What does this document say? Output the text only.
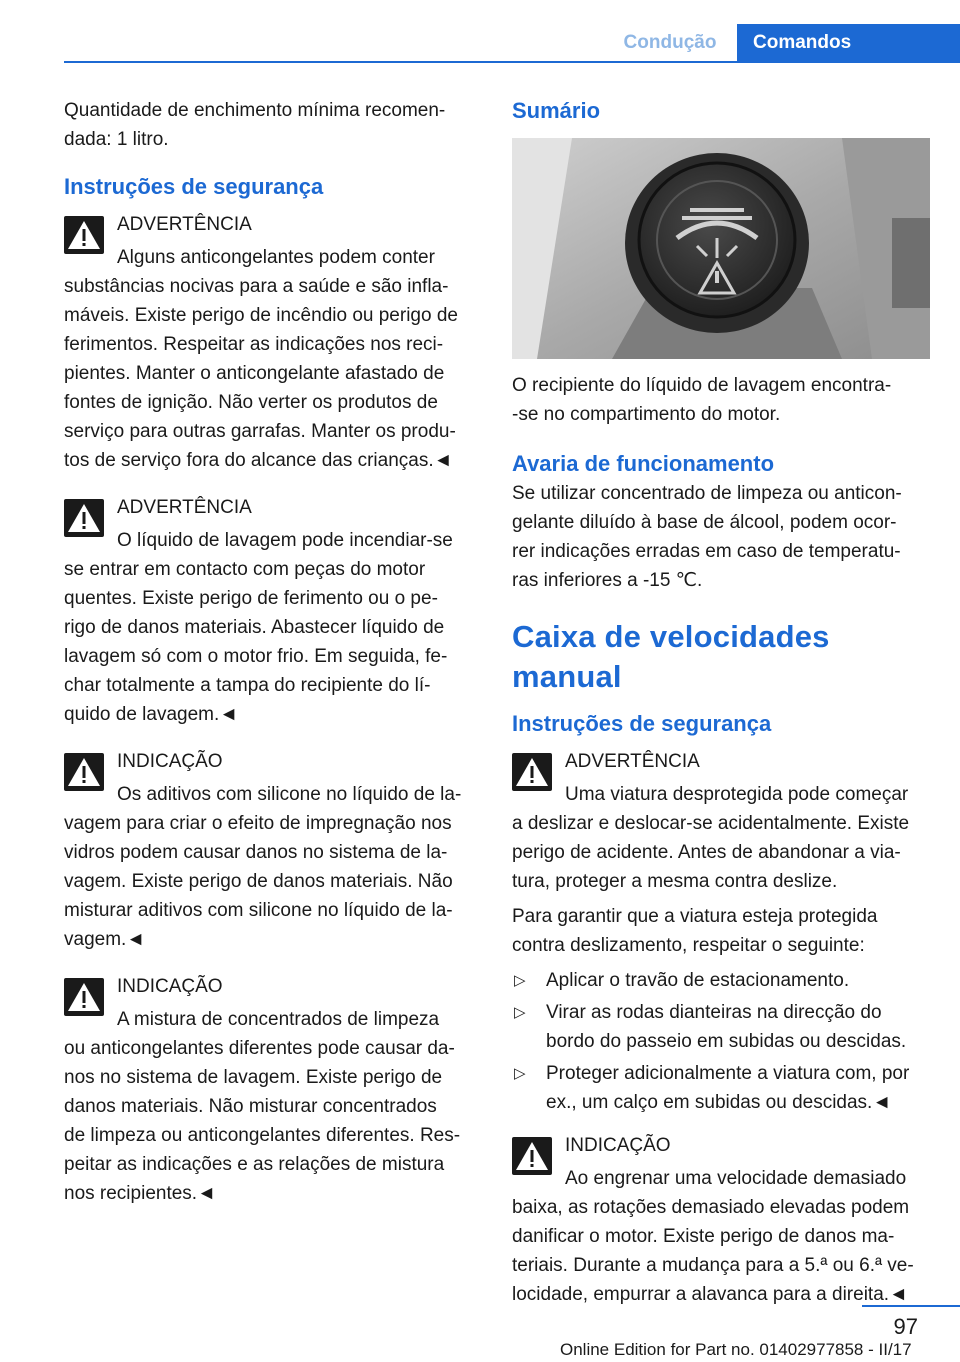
Condução	Comandos

Quantidade de enchimento mínima recomen-

dada: 1 litro.

Instruções de segurança

ADVERTÊNCIA

Alguns anticongelantes podem conter

substâncias nocivas para a saúde e são infla-

máveis. Existe perigo de incêndio ou perigo de

ferimentos. Respeitar as indicações nos reci-

pientes. Manter o anticongelante afastado de

fontes de ignição. Não verter os produtos de

serviço para outras garrafas. Manter os produ-

tos de serviço fora do alcance das crianças.◄

ADVERTÊNCIA

O líquido de lavagem pode incendiar-se

se entrar em contacto com peças do motor

quentes. Existe perigo de ferimento ou o pe-

rigo de danos materiais. Abastecer líquido de

lavagem só com o motor frio. Em seguida, fe-

char totalmente a tampa do recipiente do lí-

quido de lavagem.◄

INDICAÇÃO

Os aditivos com silicone no líquido de la-

vagem para criar o efeito de impregnação nos

vidros podem causar danos no sistema de la-

vagem. Existe perigo de danos materiais. Não

misturar aditivos com silicone no líquido de la-

vagem.◄

INDICAÇÃO

A mistura de concentrados de limpeza

ou anticongelantes diferentes pode causar da-

nos no sistema de lavagem. Existe perigo de

danos materiais. Não misturar concentrados

de limpeza ou anticongelantes diferentes. Res-

peitar as indicações e as relações de mistura

nos recipientes.◄

Sumário

O recipiente do líquido de lavagem encontra-

-se no compartimento do motor.

Avaria de funcionamento

Se utilizar concentrado de limpeza ou anticon-

gelante diluído à base de álcool, podem ocor-

rer indicações erradas em caso de temperatu-

ras inferiores a -15 ℃.

Caixa de velocidades manual
Instruções de segurança

ADVERTÊNCIA

Uma viatura desprotegida pode começar

a deslizar e deslocar-se acidentalmente. Existe

perigo de acidente. Antes de abandonar a via-

tura, proteger a mesma contra deslize.

Para garantir que a viatura esteja protegida

contra deslizamento, respeitar o seguinte:

▷ Aplicar o travão de estacionamento.
▷ Virar as rodas dianteiras na direcção do
bordo do passeio em subidas ou descidas.
▷ Proteger adicionalmente a viatura com, por
ex., um calço em subidas ou descidas.◄

INDICAÇÃO

Ao engrenar uma velocidade demasiado

baixa, as rotações demasiado elevadas podem

danificar o motor. Existe perigo de danos ma-

teriais. Durante a mudança para a 5.ª ou 6.ª ve-

locidade, empurrar a alavanca para a direita.◄

97
Online Edition for Part no. 01402977858 - II/17
